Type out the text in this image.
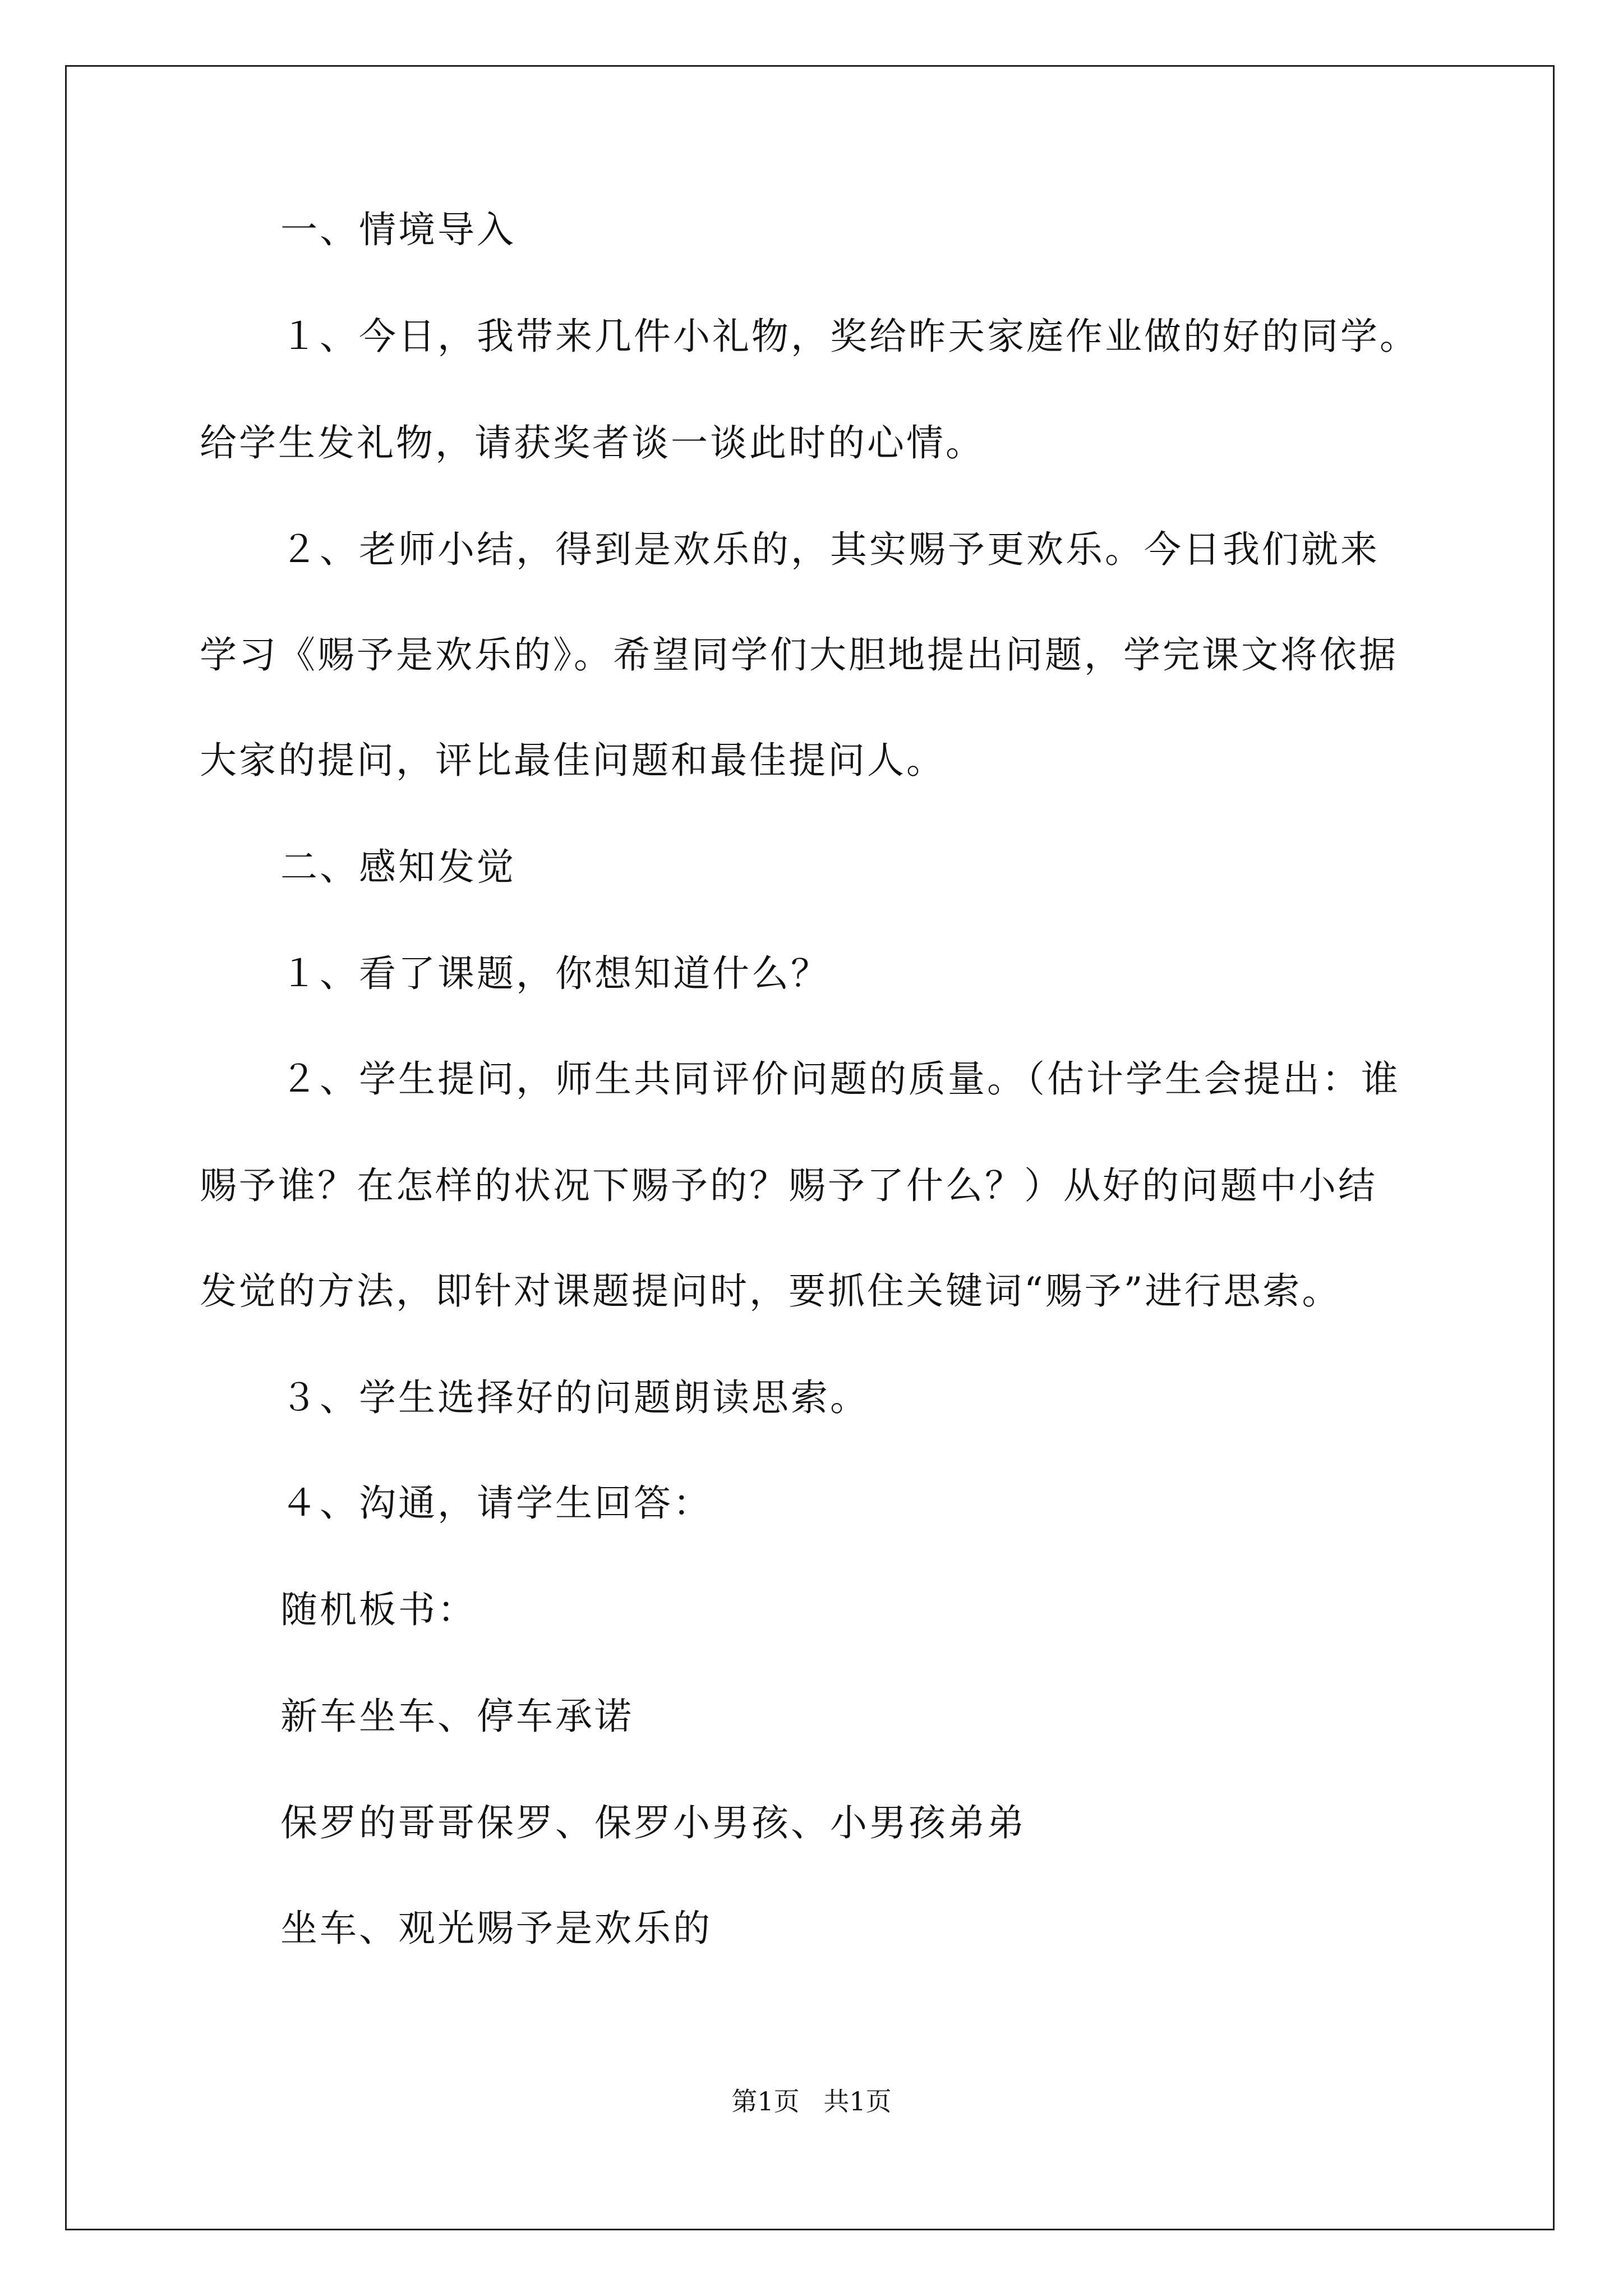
一、情境导入
１、今日，我带来几件小礼物，奖给昨天家庭作业做的好的同学。
给学生发礼物，请获奖者谈一谈此时的心情。
２、老师小结，得到是欢乐的，其实赐予更欢乐。今日我们就来
学习《赐予是欢乐的》。希望同学们大胆地提出问题，学完课文将依据
大家的提问，评比最佳问题和最佳提问人。
二、感知发觉
１、看了课题，你想知道什么？
２、学生提问，师生共同评价问题的质量。（估计学生会提出：谁
赐予谁？在怎样的状况下赐予的？赐予了什么？）从好的问题中小结
发觉的方法，即针对课题提问时，要抓住关键词“赐予”进行思索。
３、学生选择好的问题朗读思索。
４、沟通，请学生回答：
随机板书：
新车坐车、停车承诺
保罗的哥哥保罗、保罗小男孩、小男孩弟弟
坐车、观光赐予是欢乐的
第1页 共1页
